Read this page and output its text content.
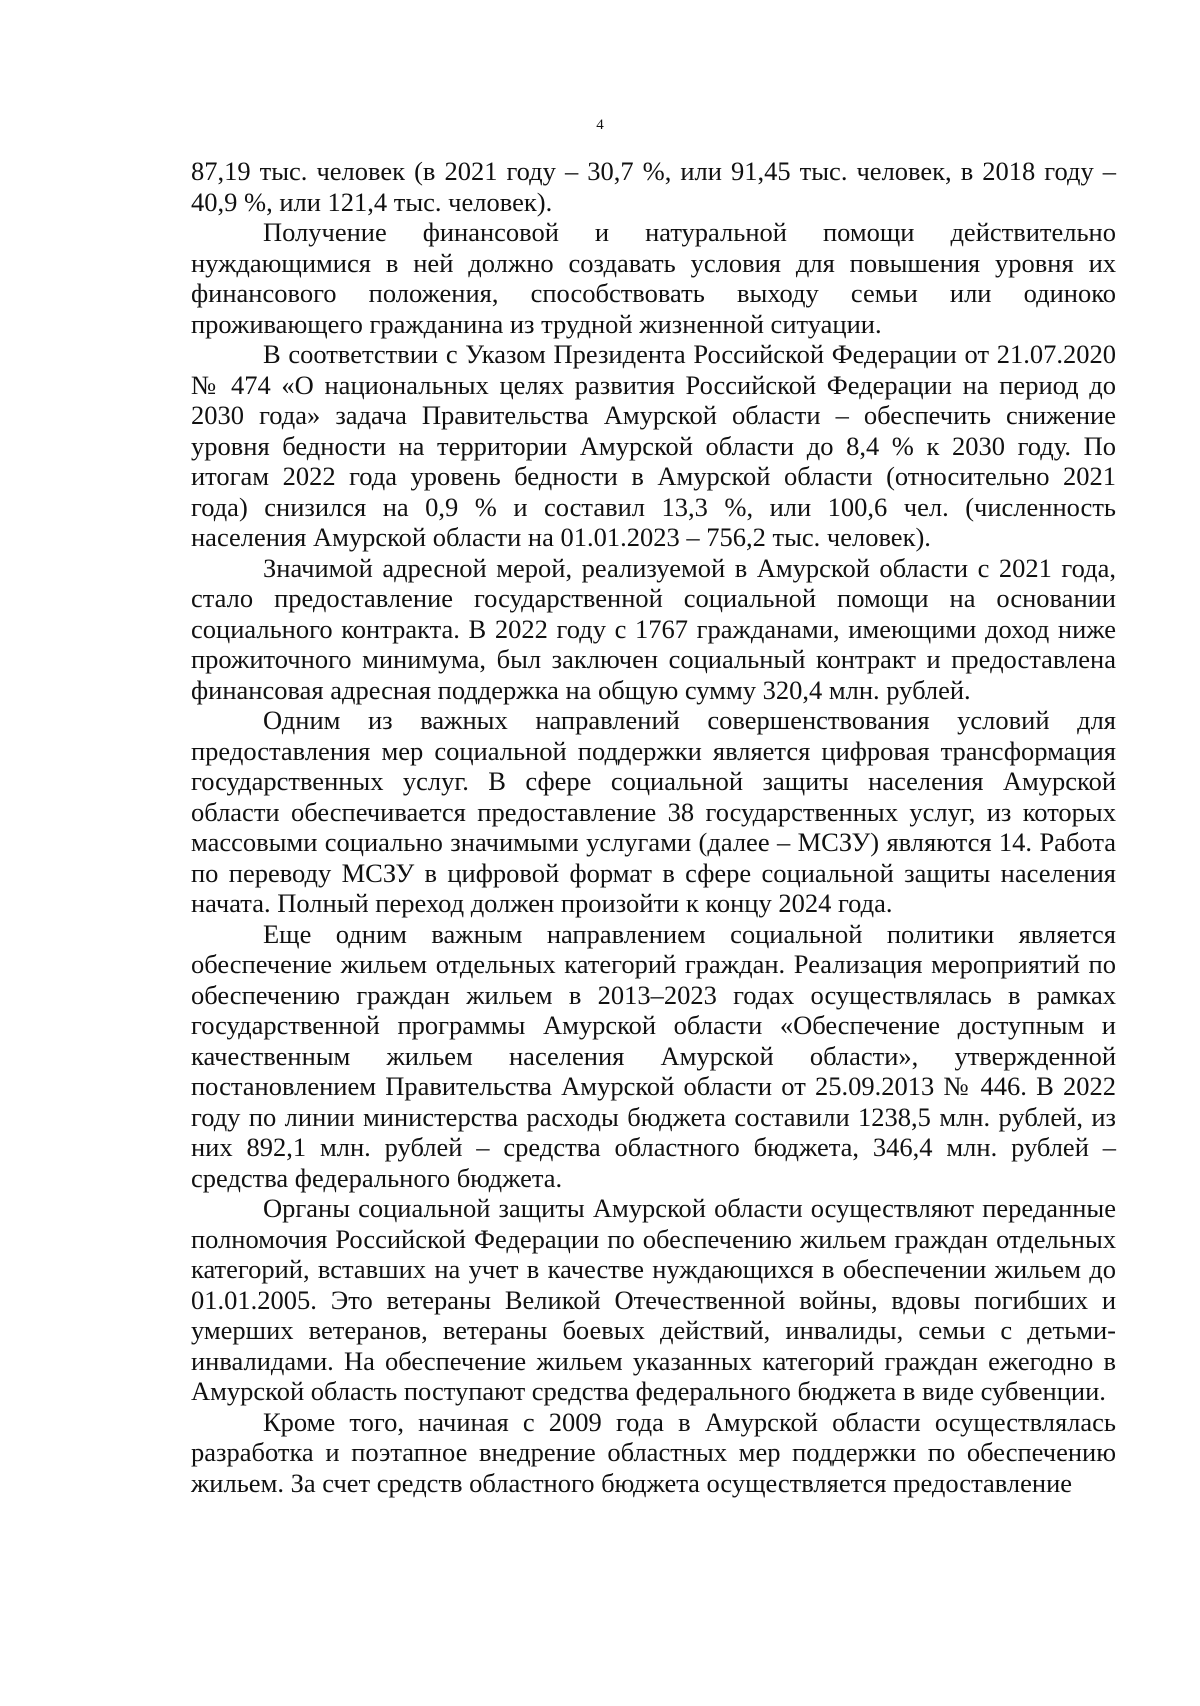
4

87,19 тыс. человек (в 2021 году – 30,7 %, или 91,45 тыс. человек, в 2018 году – 40,9 %, или 121,4 тыс. человек).

Получение финансовой и натуральной помощи действительно нуждающимися в ней должно создавать условия для повышения уровня их финансового положения, способствовать выходу семьи или одиноко проживающего гражданина из трудной жизненной ситуации.

В соответствии с Указом Президента Российской Федерации от 21.07.2020 № 474 «О национальных целях развития Российской Федерации на период до 2030 года» задача Правительства Амурской области – обеспечить снижение уровня бедности на территории Амурской области до 8,4 % к 2030 году. По итогам 2022 года уровень бедности в Амурской области (относительно 2021 года) снизился на 0,9 % и составил 13,3 %, или 100,6 чел. (численность населения Амурской области на 01.01.2023 – 756,2 тыс. человек).

Значимой адресной мерой, реализуемой в Амурской области с 2021 года, стало предоставление государственной социальной помощи на основании социального контракта. В 2022 году с 1767 гражданами, имеющими доход ниже прожиточного минимума, был заключен социальный контракт и предоставлена финансовая адресная поддержка на общую сумму 320,4 млн. рублей.

Одним из важных направлений совершенствования условий для предоставления мер социальной поддержки является цифровая трансформация государственных услуг. В сфере социальной защиты населения Амурской области обеспечивается предоставление 38 государственных услуг, из которых массовыми социально значимыми услугами (далее – МСЗУ) являются 14. Работа по переводу МСЗУ в цифровой формат в сфере социальной защиты населения начата. Полный переход должен произойти к концу 2024 года.

Еще одним важным направлением социальной политики является обеспечение жильем отдельных категорий граждан. Реализация мероприятий по обеспечению граждан жильем в 2013–2023 годах осуществлялась в рамках государственной программы Амурской области «Обеспечение доступным и качественным жильем населения Амурской области», утвержденной постановлением Правительства Амурской области от 25.09.2013 № 446. В 2022 году по линии министерства расходы бюджета составили 1238,5 млн. рублей, из них 892,1 млн. рублей – средства областного бюджета, 346,4 млн. рублей – средства федерального бюджета.

Органы социальной защиты Амурской области осуществляют переданные полномочия Российской Федерации по обеспечению жильем граждан отдельных категорий, вставших на учет в качестве нуждающихся в обеспечении жильем до 01.01.2005. Это ветераны Великой Отечественной войны, вдовы погибших и умерших ветеранов, ветераны боевых действий, инвалиды, семьи с детьми-инвалидами. На обеспечение жильем указанных категорий граждан ежегодно в Амурской область поступают средства федерального бюджета в виде субвенции.

Кроме того, начиная с 2009 года в Амурской области осуществлялась разработка и поэтапное внедрение областных мер поддержки по обеспечению жильем. За счет средств областного бюджета осуществляется предоставление
